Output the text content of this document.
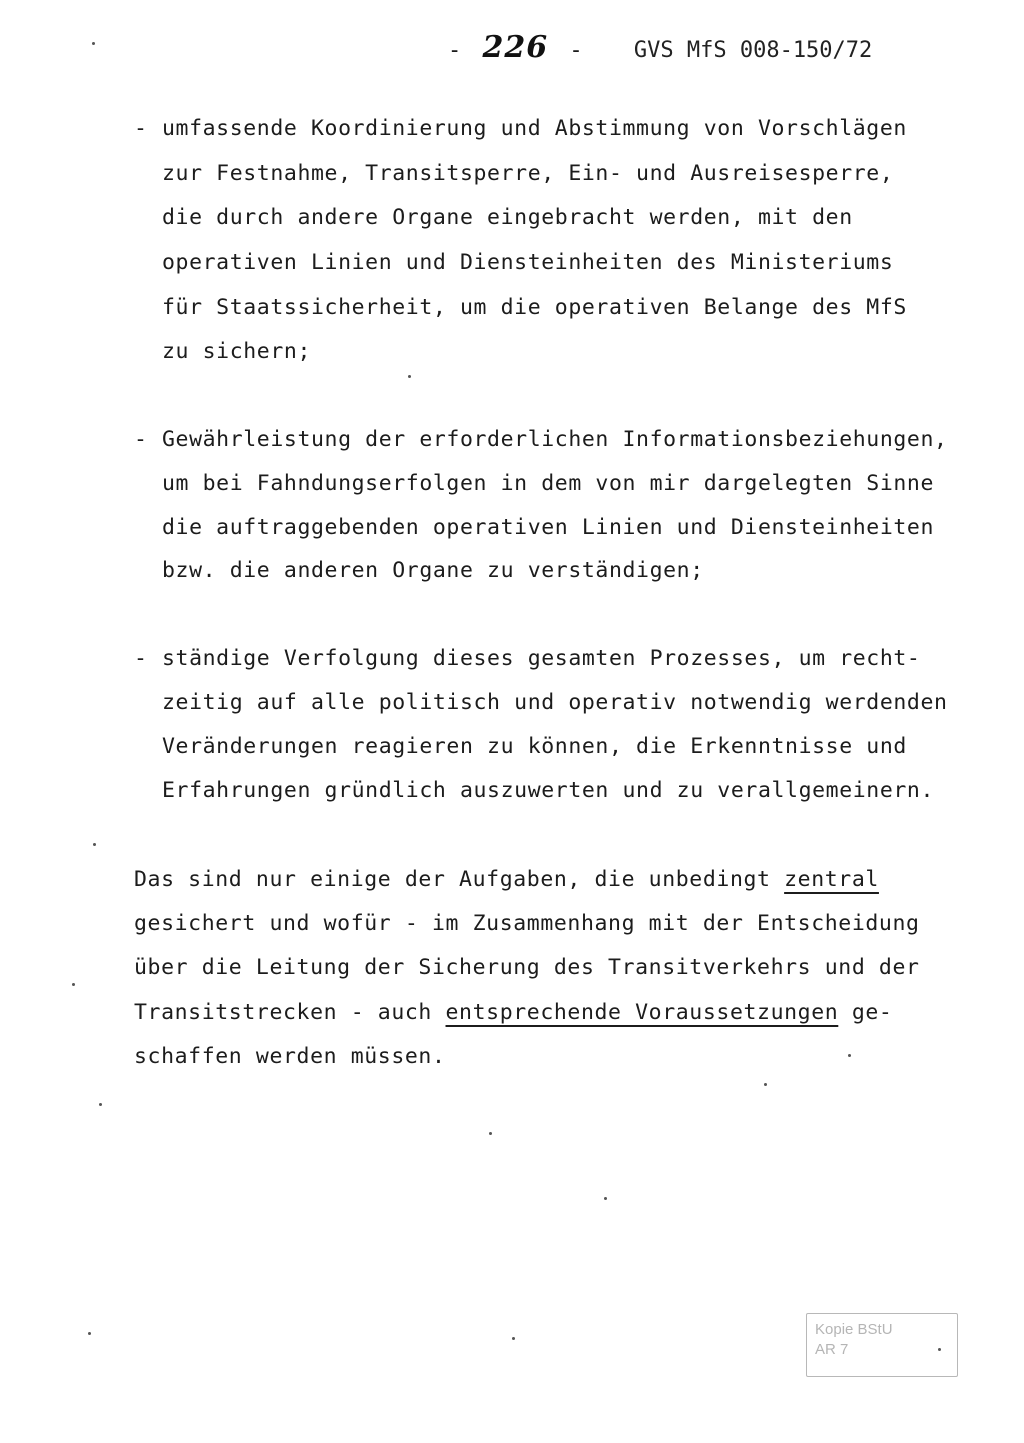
- 226 - GVS MfS 008-150/72
- umfassende Koordinierung und Abstimmung von Vorschlägen
zur Festnahme, Transitsperre, Ein- und Ausreisesperre,
die durch andere Organe eingebracht werden, mit den
operativen Linien und Diensteinheiten des Ministeriums
für Staatssicherheit, um die operativen Belange des MfS
zu sichern;
- Gewährleistung der erforderlichen Informationsbeziehungen,
um bei Fahndungserfolgen in dem von mir dargelegten Sinne
die auftraggebenden operativen Linien und Diensteinheiten
bzw. die anderen Organe zu verständigen;
- ständige Verfolgung dieses gesamten Prozesses, um recht-
zeitig auf alle politisch und operativ notwendig werdenden
Veränderungen reagieren zu können, die Erkenntnisse und
Erfahrungen gründlich auszuwerten und zu verallgemeinern.
Das sind nur einige der Aufgaben, die unbedingt zentral
gesichert und wofür - im Zusammenhang mit der Entscheidung
über die Leitung der Sicherung des Transitverkehrs und der
Transitstrecken - auch entsprechende Voraussetzungen ge-
schaffen werden müssen.
Kopie BStU
AR 7
